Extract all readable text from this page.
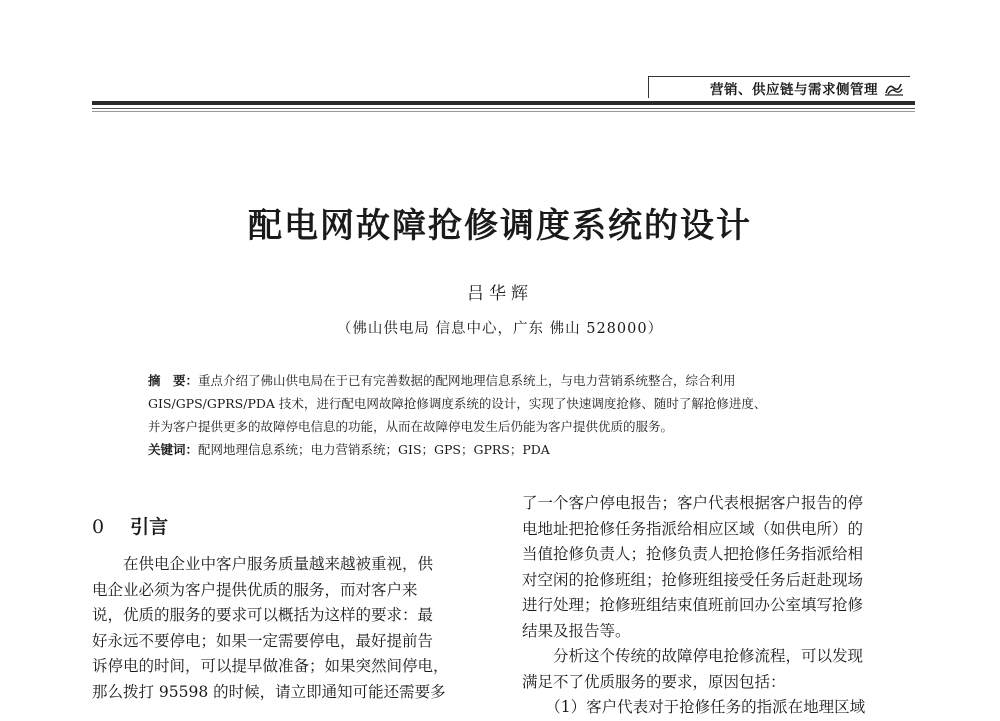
营销、供应链与需求侧管理
配电网故障抢修调度系统的设计
吕华辉
（佛山供电局 信息中心，广东 佛山 528000）

摘　要：重点介绍了佛山供电局在于已有完善数据的配网地理信息系统上，与电力营销系统整合，综合利用

GIS/GPS/GPRS/PDA 技术，进行配电网故障抢修调度系统的设计，实现了快速调度抢修、随时了解抢修进度、

并为客户提供更多的故障停电信息的功能，从而在故障停电发生后仍能为客户提供优质的服务。

关键词：配网地理信息系统；电力营销系统；GIS；GPS；GPRS；PDA

0 引言

　　在供电企业中客户服务质量越来越被重视，供

电企业必须为客户提供优质的服务，而对客户来

说，优质的服务的要求可以概括为这样的要求：最

好永远不要停电；如果一定需要停电，最好提前告

诉停电的时间，可以提早做准备；如果突然间停电，

那么拨打 95598 的时候，请立即通知可能还需要多

了一个客户停电报告；客户代表根据客户报告的停

电地址把抢修任务指派给相应区域（如供电所）的

当值抢修负责人；抢修负责人把抢修任务指派给相

对空闲的抢修班组；抢修班组接受任务后赶赴现场

进行处理；抢修班组结束值班前回办公室填写抢修

结果及报告等。

　　分析这个传统的故障停电抢修流程，可以发现

满足不了优质服务的要求，原因包括：

　　（1）客户代表对于抢修任务的指派在地理区域
